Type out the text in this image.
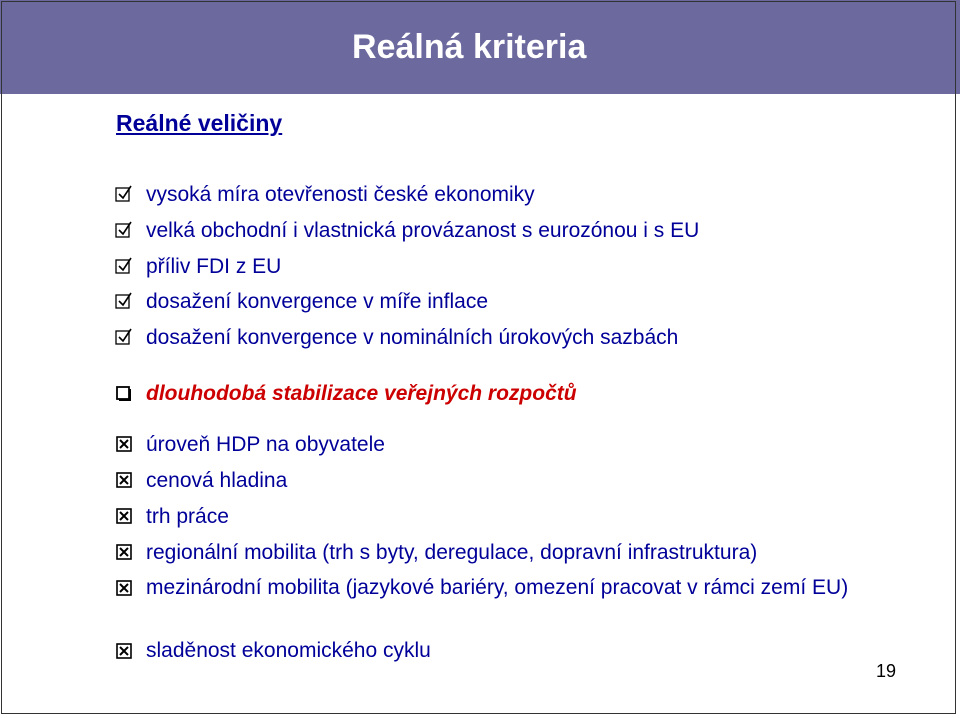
Reálná kriteria
Reálné veličiny
vysoká míra otevřenosti české ekonomiky
velká obchodní i vlastnická provázanost s eurozónou i s EU
příliv FDI z EU
dosažení konvergence v míře inflace
dosažení konvergence v nominálních úrokových sazbách
dlouhodobá stabilizace veřejných rozpočtů
úroveň HDP na obyvatele
cenová hladina
trh práce
regionální mobilita (trh s byty, deregulace, dopravní infrastruktura)
mezinárodní mobilita (jazykové bariéry, omezení pracovat v rámci zemí EU)
sladěnost ekonomického cyklu
19
